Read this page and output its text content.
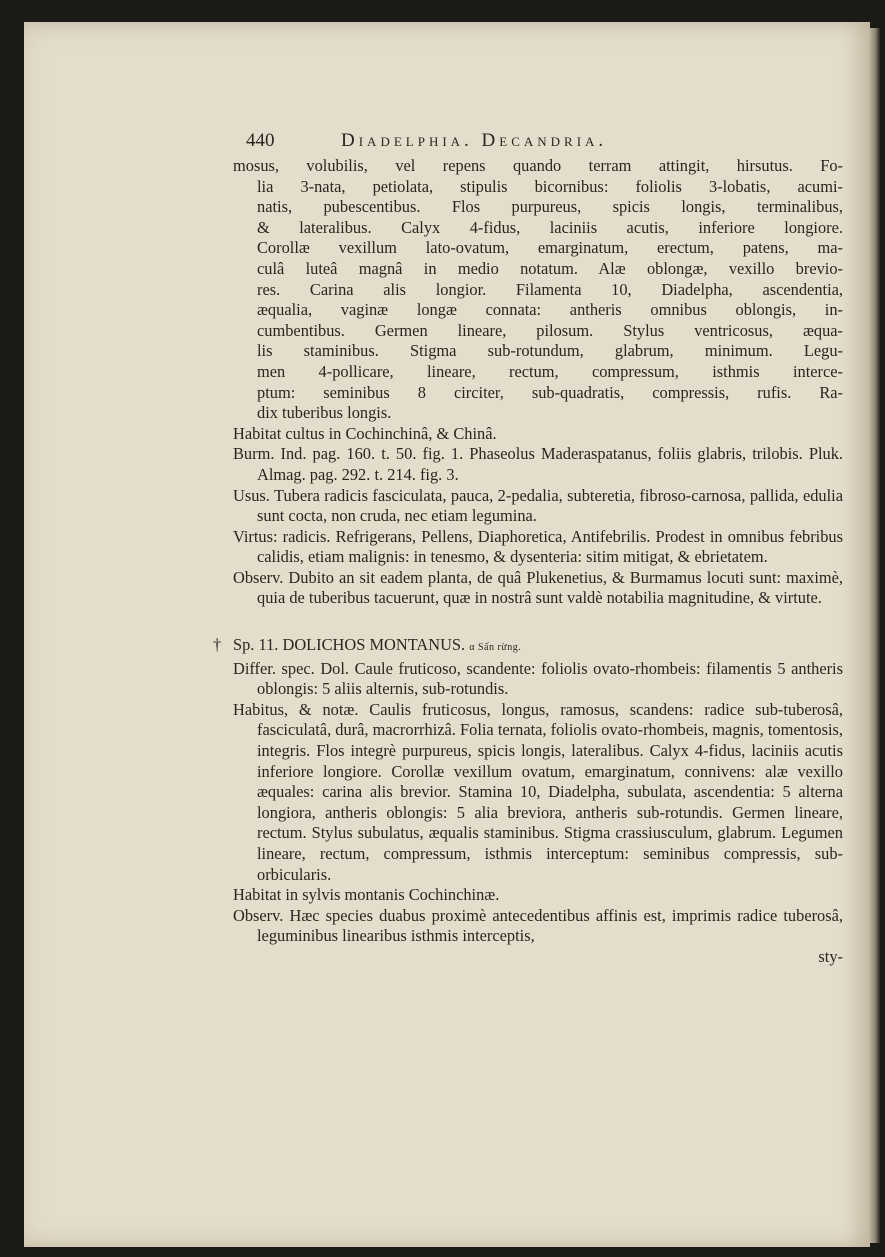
440	Diadelphia. Decandria.
mosus, volubilis, vel repens quando terram attingit, hirsutus. Fo-
lia 3-nata, petiolata, stipulis bicornibus: foliolis 3-lobatis, acumi-
natis, pubescentibus. Flos purpureus, spicis longis, terminalibus,
& lateralibus. Calyx 4-fidus, laciniis acutis, inferiore longiore.
Corollæ vexillum lato-ovatum, emarginatum, erectum, patens, ma-
culâ luteâ magnâ in medio notatum. Alæ oblongæ, vexillo brevio-
res. Carina alis longior. Filamenta 10, Diadelpha, ascendentia,
æqualia, vaginæ longæ connata: antheris omnibus oblongis, in-
cumbentibus. Germen lineare, pilosum. Stylus ventricosus, æqua-
lis staminibus. Stigma sub-rotundum, glabrum, minimum. Legu-
men 4-pollicare, lineare, rectum, compressum, isthmis interce-
ptum: seminibus 8 circiter, sub-quadratis, compressis, rufis. Ra-
dix tuberibus longis.

Habitat cultus in Cochinchinâ, & Chinâ.

Burm. Ind. pag. 160. t. 50. fig. 1. Phaseolus Maderaspatanus, foliis glabris, trilobis. Pluk. Almag. pag. 292. t. 214. fig. 3.

Usus. Tubera radicis fasciculata, pauca, 2-pedalia, subteretia, fibroso-carnosa, pallida, edulia sunt cocta, non cruda, nec etiam legumina.

Virtus: radicis. Refrigerans, Pellens, Diaphoretica, Antifebrilis. Prodest in omnibus febribus calidis, etiam malignis: in tenesmo, & dysenteria: sitim mitigat, & ebrietatem.

Observ. Dubito an sit eadem planta, de quâ Plukenetius, & Burmamus locuti sunt: maximè, quia de tuberibus tacuerunt, quæ in nostrâ sunt valdè notabilia magnitudine, & virtute.

† Sp. 11. DOLICHOS MONTANUS. α Sấn rừng.

Differ. spec. Dol. Caule fruticoso, scandente: foliolis ovato-rhombeis: filamentis 5 antheris oblongis: 5 aliis alternis, sub-rotundis.

Habitus, & notæ. Caulis fruticosus, longus, ramosus, scandens: radice sub-tuberosâ, fasciculatâ, durâ, macrorrhizâ. Folia ternata, foliolis ovato-rhombeis, magnis, tomentosis, integris. Flos integrè purpureus, spicis longis, lateralibus. Calyx 4-fidus, laciniis acutis inferiore longiore. Corollæ vexillum ovatum, emarginatum, connivens: alæ vexillo æquales: carina alis brevior. Stamina 10, Diadelpha, subulata, ascendentia: 5 alterna longiora, antheris oblongis: 5 alia breviora, antheris sub-rotundis. Germen lineare, rectum. Stylus subulatus, æqualis staminibus. Stigma crassiusculum, glabrum. Legumen lineare, rectum, compressum, isthmis interceptum: seminibus compressis, sub-orbicularis.

Habitat in sylvis montanis Cochinchinæ.

Observ. Hæc species duabus proximè antecedentibus affinis est, imprimis radice tuberosâ, leguminibus linearibus isthmis interceptis,

sty-
